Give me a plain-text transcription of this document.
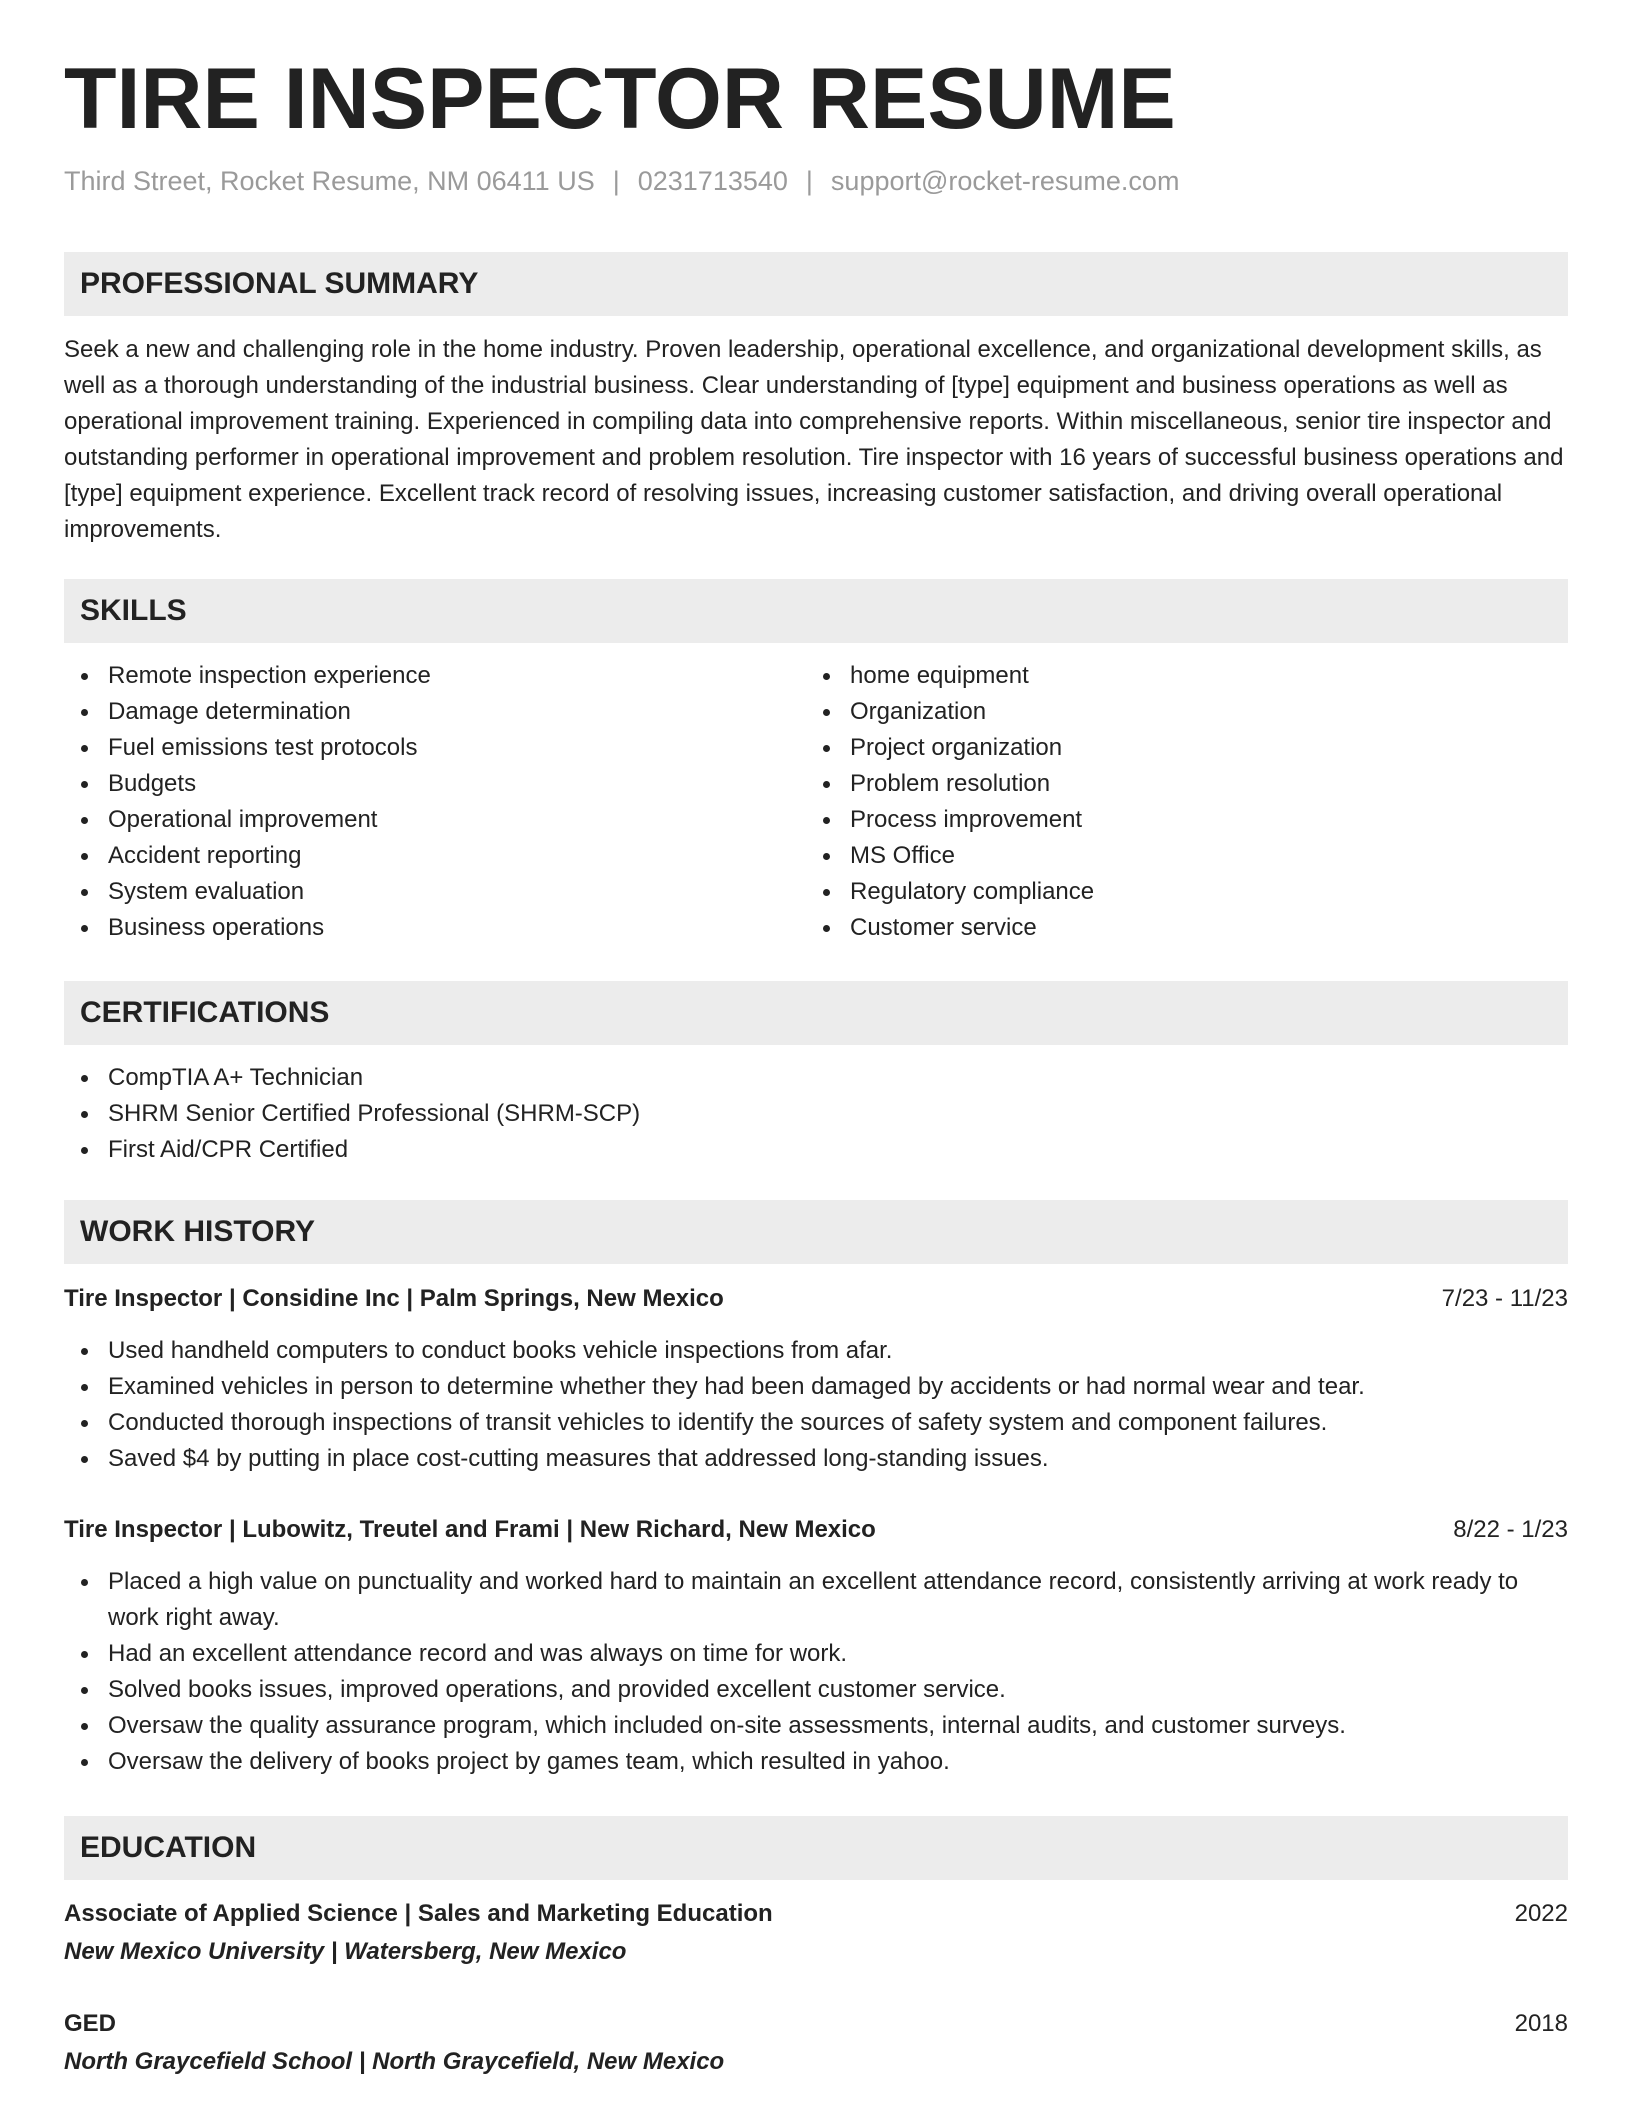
TIRE INSPECTOR RESUME
Third Street, Rocket Resume, NM 06411 US | 0231713540 | support@rocket-resume.com
PROFESSIONAL SUMMARY

Seek a new and challenging role in the home industry. Proven leadership, operational excellence, and organizational development skills, as well as a thorough understanding of the industrial business. Clear understanding of [type] equipment and business operations as well as operational improvement training. Experienced in compiling data into comprehensive reports. Within miscellaneous, senior tire inspector and outstanding performer in operational improvement and problem resolution. Tire inspector with 16 years of successful business operations and [type] equipment experience. Excellent track record of resolving issues, increasing customer satisfaction, and driving overall operational improvements.

SKILLS
Remote inspection experience
Damage determination
Fuel emissions test protocols
Budgets
Operational improvement
Accident reporting
System evaluation
Business operations
home equipment
Organization
Project organization
Problem resolution
Process improvement
MS Office
Regulatory compliance
Customer service
CERTIFICATIONS
CompTIA A+ Technician
SHRM Senior Certified Professional (SHRM-SCP)
First Aid/CPR Certified
WORK HISTORY
Tire Inspector | Considine Inc | Palm Springs, New Mexico	7/23 - 11/23
Used handheld computers to conduct books vehicle inspections from afar.
Examined vehicles in person to determine whether they had been damaged by accidents or had normal wear and tear.
Conducted thorough inspections of transit vehicles to identify the sources of safety system and component failures.
Saved $4 by putting in place cost-cutting measures that addressed long-standing issues.
Tire Inspector | Lubowitz, Treutel and Frami | New Richard, New Mexico	8/22 - 1/23
Placed a high value on punctuality and worked hard to maintain an excellent attendance record, consistently arriving at work ready to work right away.
Had an excellent attendance record and was always on time for work.
Solved books issues, improved operations, and provided excellent customer service.
Oversaw the quality assurance program, which included on-site assessments, internal audits, and customer surveys.
Oversaw the delivery of books project by games team, which resulted in yahoo.
EDUCATION
Associate of Applied Science | Sales and Marketing Education	2022
New Mexico University | Watersberg, New Mexico
GED	2018
North Graycefield School | North Graycefield, New Mexico
